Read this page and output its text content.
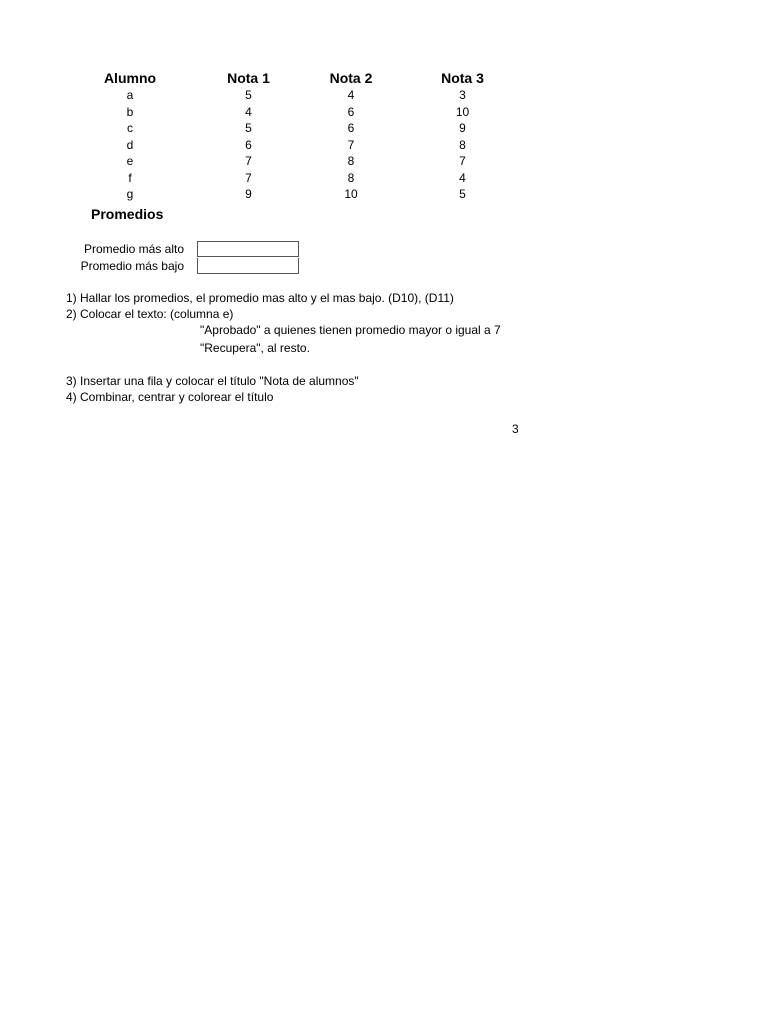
Alumno	Nota 1	Nota 2	Nota 3
a	5	4	3
b	4	6	10
c	5	6	9
d	6	7	8
e	7	8	7
f	7	8	4
g	9	10	5
Promedios
Promedio más alto
Promedio más bajo
1) Hallar los promedios, el promedio mas alto y el mas bajo. (D10), (D11)
2) Colocar el texto: (columna e)
"Aprobado" a quienes tienen promedio mayor o igual a 7
"Recupera", al resto.
3) Insertar una fila y colocar el título "Nota de alumnos"
4) Combinar, centrar y colorear el título
3
